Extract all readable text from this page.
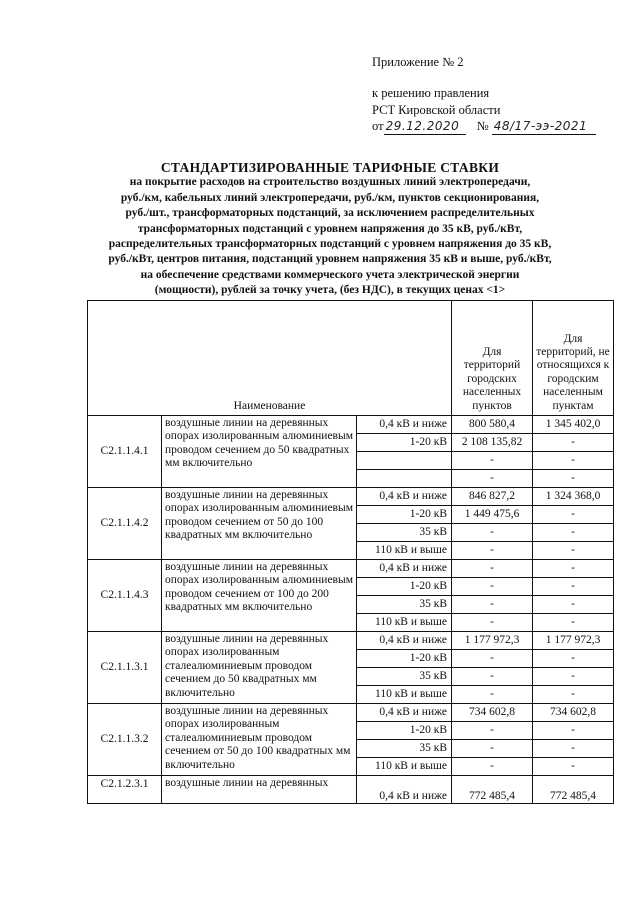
Приложение № 2
к решению правления
РСТ Кировской области
от 29.12.2020 № 48/17-ээ-2021
СТАНДАРТИЗИРОВАННЫЕ ТАРИФНЫЕ СТАВКИ
на покрытие расходов на строительство воздушных линий электропередачи,
руб./км, кабельных линий электропередачи, руб./км, пунктов секционирования,
руб./шт., трансформаторных подстанций, за исключением распределительных
трансформаторных подстанций с уровнем напряжения до 35 кВ, руб./кВт,
распределительных трансформаторных подстанций с уровнем напряжения до 35 кВ,
руб./кВт, центров питания, подстанций уровнем напряжения 35 кВ и выше, руб./кВт,
на обеспечение средствами коммерческого учета электрической энергии
(мощности), рублей за точку учета, (без НДС), в текущих ценах <1>
Наименование			Для территорий городских населенных пунктов	Для территорий, не относящихся к городским населенным пунктам
С2.1.1.4.1	воздушные линии на деревянных опорах изолированным алюминиевым проводом сечением до 50 квадратных мм включительно	0,4 кВ и ниже	800 580,4	1 345 402,0
		1-20 кВ	2 108 135,82	-
			-	-
			-	-
С2.1.1.4.2	воздушные линии на деревянных опорах изолированным алюминиевым проводом сечением от 50 до 100 квадратных мм включительно	0,4 кВ и ниже	846 827,2	1 324 368,0
		1-20 кВ	1 449 475,6	-
		35 кВ	-	-
		110 кВ и выше	-	-
С2.1.1.4.3	воздушные линии на деревянных опорах изолированным алюминиевым проводом сечением от 100 до 200 квадратных мм включительно	0,4 кВ и ниже	-	-
		1-20 кВ	-	-
		35 кВ	-	-
		110 кВ и выше	-	-
С2.1.1.3.1	воздушные линии на деревянных опорах изолированным сталеалюминиевым проводом сечением до 50 квадратных мм включительно	0,4 кВ и ниже	1 177 972,3	1 177 972,3
		1-20 кВ	-	-
		35 кВ	-	-
		110 кВ и выше	-	-
С2.1.1.3.2	воздушные линии на деревянных опорах изолированным сталеалюминиевым проводом сечением от 50 до 100 квадратных мм включительно	0,4 кВ и ниже	734 602,8	734 602,8
		1-20 кВ	-	-
		35 кВ	-	-
		110 кВ и выше	-	-
С2.1.2.3.1	воздушные линии на деревянных	0,4 кВ и ниже	772 485,4	772 485,4
